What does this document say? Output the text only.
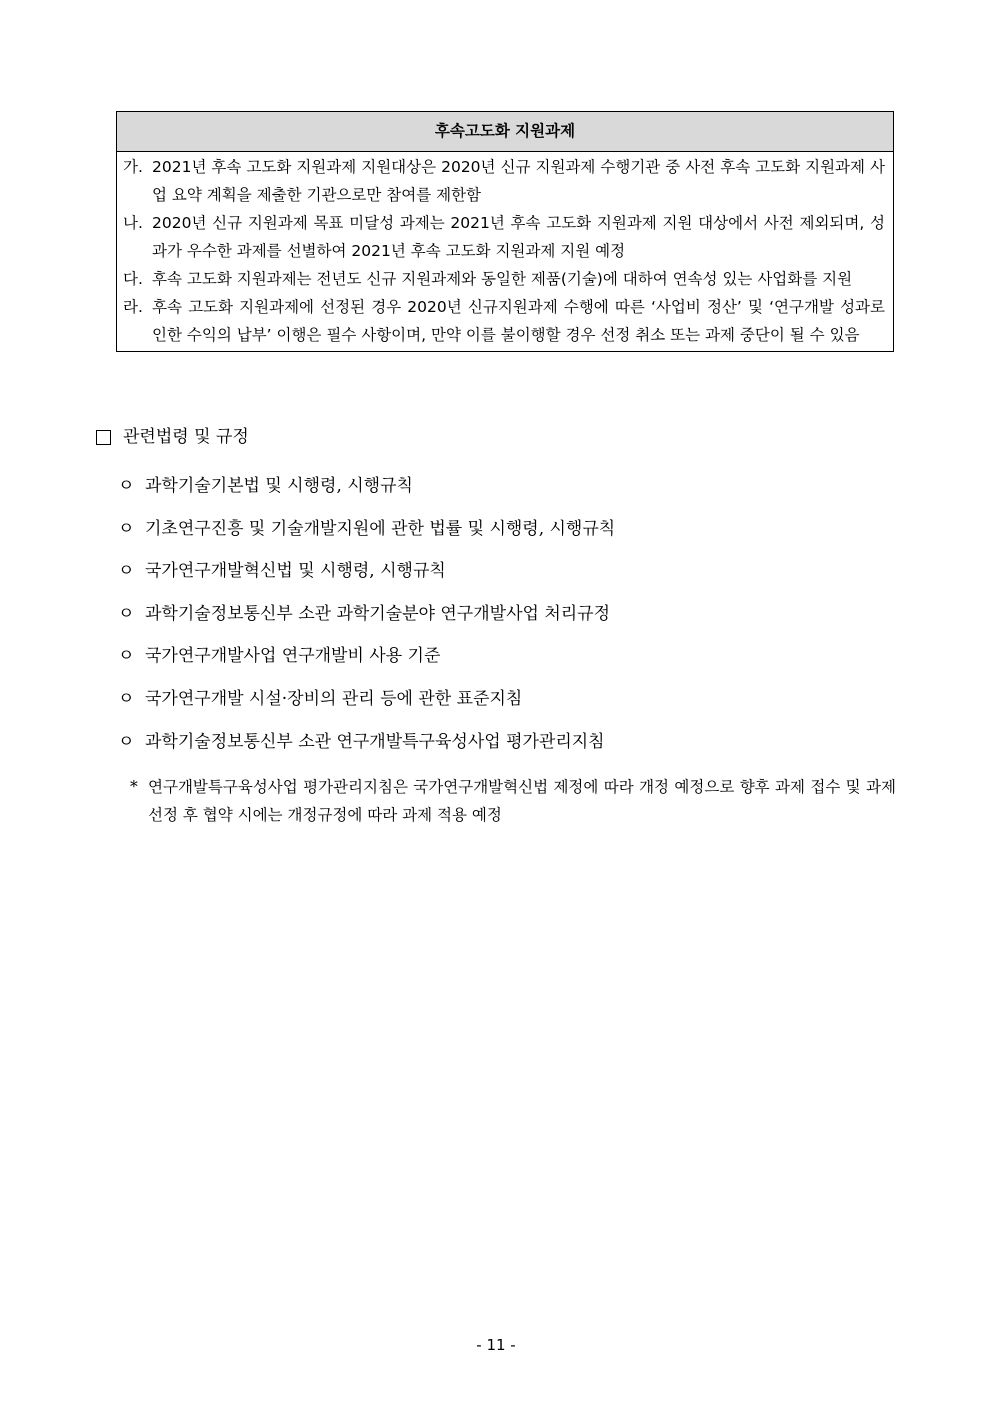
후속고도화 지원과제
가. 2021년 후속 고도화 지원과제 지원대상은 2020년 신규 지원과제 수행기관 중 사전 후속 고도화 지원과제 사업 요약 계획을 제출한 기관으로만 참여를 제한함
나. 2020년 신규 지원과제 목표 미달성 과제는 2021년 후속 고도화 지원과제 지원 대상에서 사전 제외되며, 성과가 우수한 과제를 선별하여 2021년 후속 고도화 지원과제 지원 예정
다. 후속 고도화 지원과제는 전년도 신규 지원과제와 동일한 제품(기술)에 대하여 연속성 있는 사업화를 지원
라. 후속 고도화 지원과제에 선정된 경우 2020년 신규지원과제 수행에 따른 ‘사업비 정산’ 및 ‘연구개발 성과로 인한 수익의 납부’ 이행은 필수 사항이며, 만약 이를 불이행할 경우 선정 취소 또는 과제 중단이 될 수 있음
관련법령 및 규정
ㅇ 과학기술기본법 및 시행령, 시행규칙
ㅇ 기초연구진흥 및 기술개발지원에 관한 법률 및 시행령, 시행규칙
ㅇ 국가연구개발혁신법 및 시행령, 시행규칙
ㅇ 과학기술정보통신부 소관 과학기술분야 연구개발사업 처리규정
ㅇ 국가연구개발사업 연구개발비 사용 기준
ㅇ 국가연구개발 시설·장비의 관리 등에 관한 표준지침
ㅇ 과학기술정보통신부 소관 연구개발특구육성사업 평가관리지침
* 연구개발특구육성사업 평가관리지침은 국가연구개발혁신법 제정에 따라 개정 예정으로 향후 과제 접수 및 과제 선정 후 협약 시에는 개정규정에 따라 과제 적용 예정
- 11 -
